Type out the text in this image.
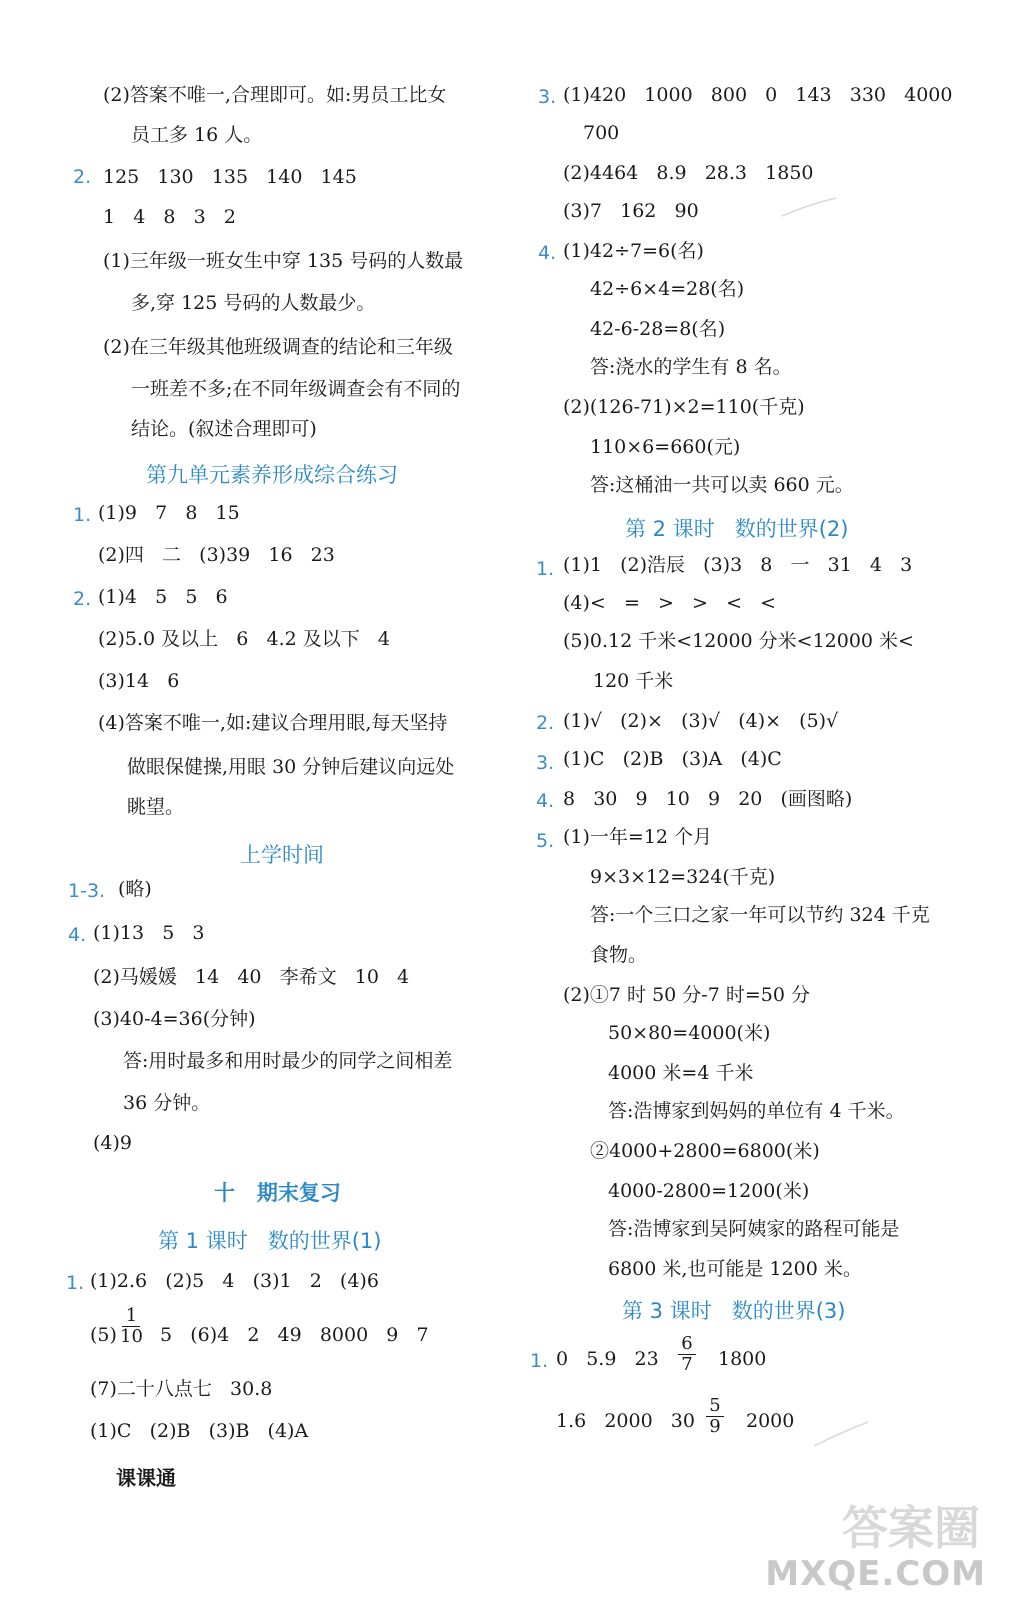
(2)答案不唯一,合理即可。如:男员工比女
员工多 16 人。
2. 125   130   135   140   145
1   4   8   3   2
(1)三年级一班女生中穿 135 号码的人数最
多,穿 125 号码的人数最少。
(2)在三年级其他班级调查的结论和三年级
一班差不多;在不同年级调查会有不同的
结论。(叙述合理即可)
第九单元素养形成综合练习
1. (1)9   7   8   15
(2)四   二   (3)39   16   23
2. (1)4   5   5   6
(2)5.0 及以上   6   4.2 及以下   4
(3)14   6
(4)答案不唯一,如:建议合理用眼,每天坚持
做眼保健操,用眼 30 分钟后建议向远处
眺望。
上学时间
1-3. (略)
4. (1)13   5   3
(2)马媛媛   14   40   李希文   10   4
(3)40-4=36(分钟)
答:用时最多和用时最少的同学之间相差
36 分钟。
(4)9
十   期末复习
第 1 课时   数的世界(1)
1. (1)2.6   (2)5   4   (3)1   2   (4)6
(5)
1
10 5   (6)4   2   49   8000   9   7
(7)二十八点七   30.8
(1)C   (2)B   (3)B   (4)A
课课通
3. (1)420   1000   800   0   143   330   4000
700
(2)4464   8.9   28.3   1850
(3)7   162   90
4. (1)42÷7=6(名)
42÷6×4=28(名)
42-6-28=8(名)
答:浇水的学生有 8 名。
(2)(126-71)×2=110(千克)
110×6=660(元)
答:这桶油一共可以卖 660 元。
第 2 课时   数的世界(2)
1. (1)1   (2)浩辰   (3)3   8   一   31   4   3
(4)<   =   >   >   <   <
(5)0.12 千米<12000 分米<12000 米<
120 千米
2. (1)√   (2)×   (3)√   (4)×   (5)√
3. (1)C   (2)B   (3)A   (4)C
4. 8   30   9   10   9   20   (画图略)
5. (1)一年=12 个月
9×3×12=324(千克)
答:一个三口之家一年可以节约 324 千克
食物。
(2)①7 时 50 分-7 时=50 分
50×80=4000(米)
4000 米=4 千米
答:浩博家到妈妈的单位有 4 千米。
②4000+2800=6800(米)
4000-2800=1200(米)
答:浩博家到吴阿姨家的路程可能是
6800 米,也可能是 1200 米。
第 3 课时   数的世界(3)
1. 0   5.9   23
6
7 1800
1.6   2000   30
5
9 2000
答案圈
MXQE.COM
